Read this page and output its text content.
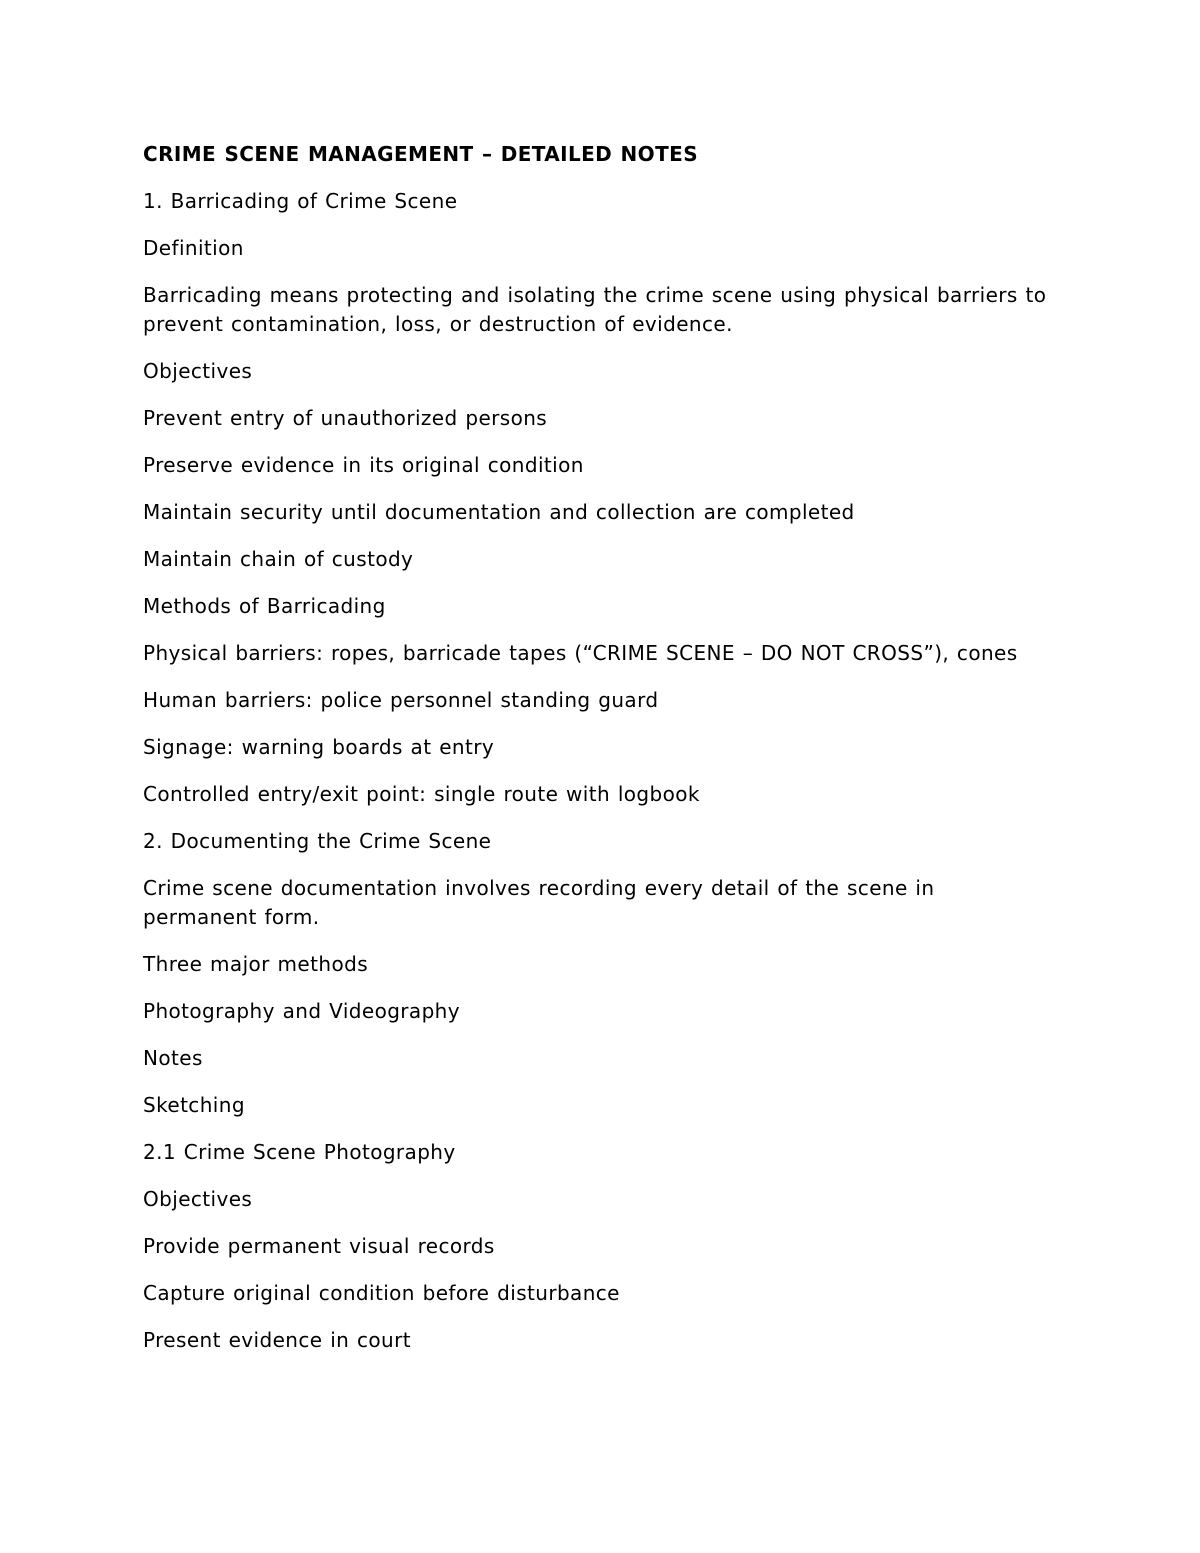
CRIME SCENE MANAGEMENT – DETAILED NOTES

1. Barricading of Crime Scene

Definition

Barricading means protecting and isolating the crime scene using physical barriers to prevent contamination, loss, or destruction of evidence.

Objectives

Prevent entry of unauthorized persons

Preserve evidence in its original condition

Maintain security until documentation and collection are completed

Maintain chain of custody

Methods of Barricading

Physical barriers: ropes, barricade tapes (“CRIME SCENE – DO NOT CROSS”), cones

Human barriers: police personnel standing guard

Signage: warning boards at entry

Controlled entry/exit point: single route with logbook

2. Documenting the Crime Scene

Crime scene documentation involves recording every detail of the scene in permanent form.

Three major methods

Photography and Videography

Notes

Sketching

2.1 Crime Scene Photography

Objectives

Provide permanent visual records

Capture original condition before disturbance

Present evidence in court
